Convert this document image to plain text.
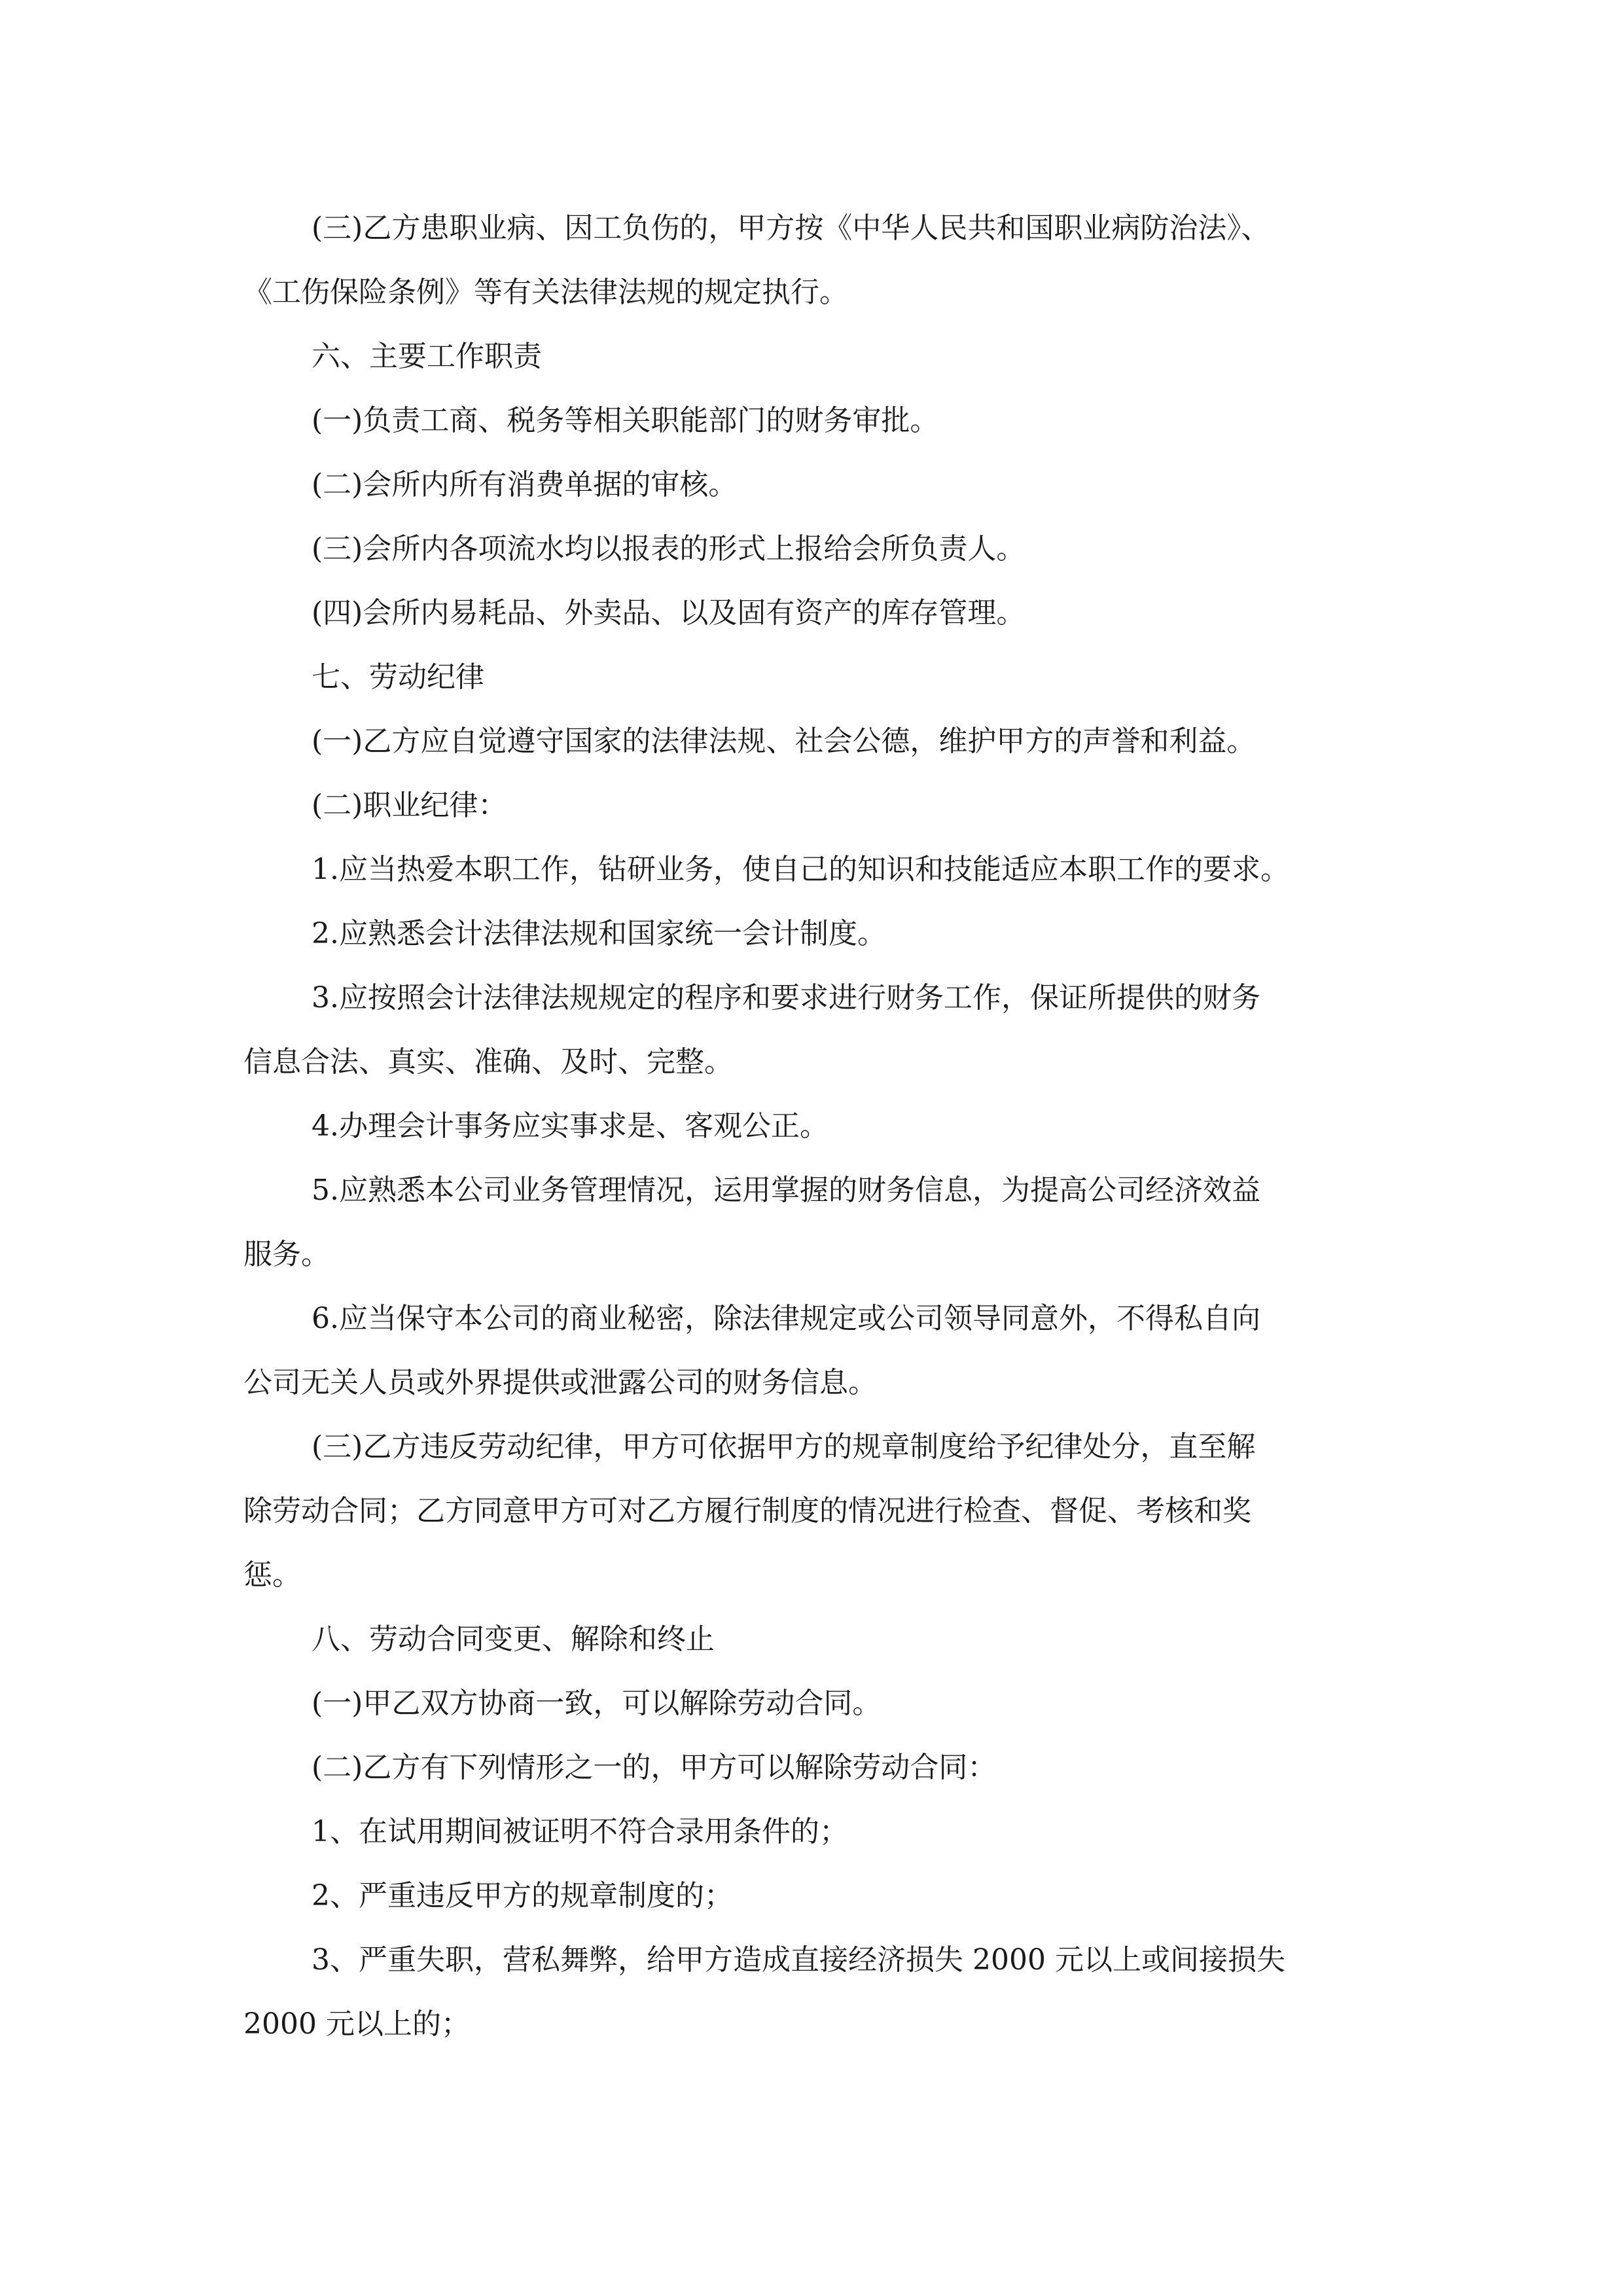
(三)乙方患职业病、因工负伤的，甲方按《中华人民共和国职业病防治法》、
《工伤保险条例》等有关法律法规的规定执行。
六、主要工作职责
(一)负责工商、税务等相关职能部门的财务审批。
(二)会所内所有消费单据的审核。
(三)会所内各项流水均以报表的形式上报给会所负责人。
(四)会所内易耗品、外卖品、以及固有资产的库存管理。
七、劳动纪律
(一)乙方应自觉遵守国家的法律法规、社会公德，维护甲方的声誉和利益。
(二)职业纪律：
1.应当热爱本职工作，钻研业务，使自己的知识和技能适应本职工作的要求。
2.应熟悉会计法律法规和国家统一会计制度。
3.应按照会计法律法规规定的程序和要求进行财务工作，保证所提供的财务
信息合法、真实、准确、及时、完整。
4.办理会计事务应实事求是、客观公正。
5.应熟悉本公司业务管理情况，运用掌握的财务信息，为提高公司经济效益
服务。
6.应当保守本公司的商业秘密，除法律规定或公司领导同意外，不得私自向
公司无关人员或外界提供或泄露公司的财务信息。
(三)乙方违反劳动纪律，甲方可依据甲方的规章制度给予纪律处分，直至解
除劳动合同；乙方同意甲方可对乙方履行制度的情况进行检查、督促、考核和奖
惩。
八、劳动合同变更、解除和终止
(一)甲乙双方协商一致，可以解除劳动合同。
(二)乙方有下列情形之一的，甲方可以解除劳动合同：
1、在试用期间被证明不符合录用条件的；
2、严重违反甲方的规章制度的；
3、严重失职，营私舞弊，给甲方造成直接经济损失 2000 元以上或间接损失
2000 元以上的；
